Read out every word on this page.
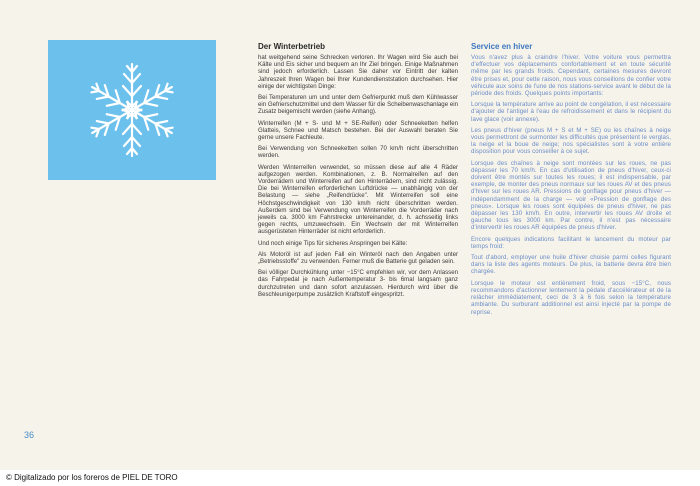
Der Winterbetrieb

hat weitgehend seine Schrecken verloren. Ihr Wagen wird Sie auch bei Kälte und Eis sicher und bequem an Ihr Ziel bringen. Einige Maßnahmen sind jedoch erforderlich. Lassen Sie daher vor Eintritt der kalten Jahreszeit Ihren Wagen bei Ihrer Kundendienststation durchsehen. Hier einige der wichtigsten Dinge:

Bei Temperaturen um und unter dem Gefrierpunkt muß dem Kühlwasser ein Gefrierschutzmittel und dem Wasser für die Scheibenwaschanlage ein Zusatz beigemischt werden (siehe Anhang).

Winterreifen (M + S- und M + SE-Reifen) oder Schneeketten helfen Glatteis, Schnee und Matsch bestehen. Bei der Auswahl beraten Sie gerne unsere Fachleute.

Bei Verwendung von Schneeketten sollen 70 km/h nicht überschritten werden.

Werden Winterreifen verwendet, so müssen diese auf alle 4 Räder aufgezogen werden. Kombinationen, z. B. Normalreifen auf den Vorderrädern und Winterreifen auf den Hinterrädern, sind nicht zulässig. Die bei Winterreifen erforderlichen Luftdrücke — unabhängig von der Belastung — siehe „Reifendrücke". Mit Winterreifen soll eine Höchstgeschwindigkeit von 130 km/h nicht überschritten werden. Außerdem sind bei Verwendung von Winterreifen die Vorderräder nach jeweils ca. 3000 km Fahrstrecke untereinander, d. h. achsseitig links gegen rechts, umzuwechseln. Ein Wechseln der mit Winterreifen ausgerüsteten Hinterräder ist nicht erforderlich.

Und noch einige Tips für sicheres Anspringen bei Kälte:

Als Motoröl ist auf jeden Fall ein Winteröl nach den Angaben unter „Betriebsstoffe" zu verwenden. Ferner muß die Batterie gut geladen sein.

Bei völliger Durchkühlung unter −15°C empfehlen wir, vor dem Anlassen das Fahrpedal je nach Außentemperatur 3- bis 6mal langsam ganz durchzutreten und dann sofort anzulassen. Hierdurch wird über die Beschleunigerpumpe zusätzlich Kraftstoff eingespritzt.

Service en hiver

Vous n'avez plus à craindre l'hiver. Votre voiture vous permettra d'effectuer vos déplacements confortablement et en toute sécurité même par les grands froids. Cependant, certaines mesures devront être prises et, pour cette raison, nous vous conseillons de confier votre véhicule aux soins de l'une de nos stations-service avant le début de la période des froids. Quelques points importants:

Lorsque la température arrive au point de congélation, il est nécessaire d'ajouter de l'antigel à l'eau de refroidissement et dans le récipient du lave glace (voir annexe).

Les pneus d'hiver (pneus M + S et M + SE) ou les chaînes à neige vous permettront de surmonter les difficultés que présentent le verglas, la neige et la boue de neige; nos spécialistes sont à votre entière disposition pour vous conseiller à ce sujet.

Lorsque des chaînes à neige sont montées sur les roues, ne pas dépasser les 70 km/h. En cas d'utilisation de pneus d'hiver, ceux-ci doivent être montés sur toutes les roues; il est indispensable, par exemple, de monter des pneus normaux sur les roues AV et des pneus d'hiver sur les roues AR. Pressions de gonflage pour pneus d'hiver — indépendamment de la charge — voir «Pression de gonflage des pneus». Lorsque les roues sont équipées de pneus d'hiver, ne pas dépasser les 130 km/h. En outre, intervertir les roues AV droite et gauche tous les 3000 km. Par contre, il n'est pas nécessaire d'intervertir les roues AR équipées de pneus d'hiver.

Encore quelques indications facilitant le lancement du moteur par temps froid:

Tout d'abord, employer une huile d'hiver choisie parmi celles figurant dans la liste des agents moteurs. De plus, la batterie devra être bien chargée.

Lorsque le moteur est entièrement froid, sous −15°C, nous recommandons d'actionner lentement la pédale d'accélérateur et de la relâcher immédiatement, ceci de 3 à 6 fois selon la température ambiante. Du surburant additionnel est ainsi injecté par la pompe de reprise.

36
© Digitalizado por los foreros de PIEL DE TORO
